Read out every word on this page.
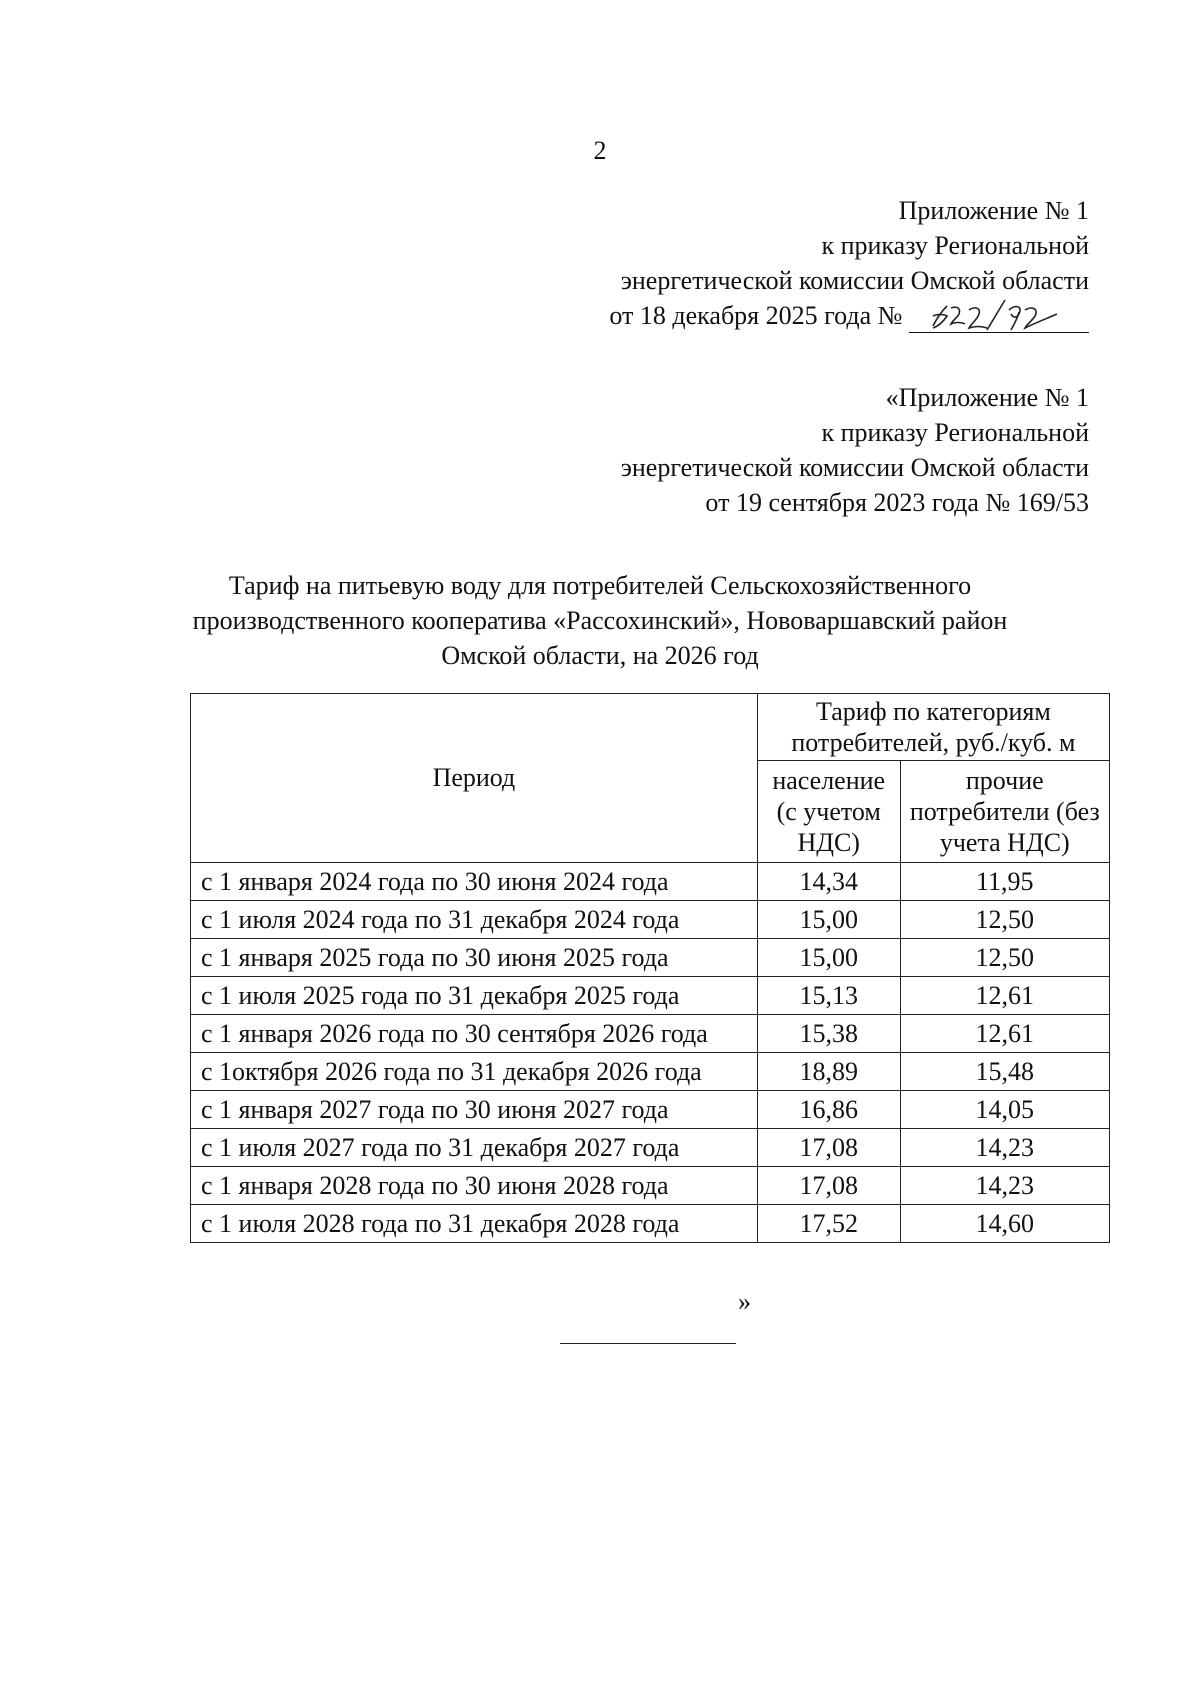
2
Приложение № 1
к приказу Региональной
энергетической комиссии Омской области
от 18 декабря 2025 года №
«Приложение № 1
к приказу Региональной
энергетической комиссии Омской области
от 19 сентября 2023 года № 169/53
Тариф на питьевую воду для потребителей Сельскохозяйственного
производственного кооператива «Рассохинский», Нововаршавский район
Омской области, на 2026 год
Период	Тариф по категориям потребителей, руб./куб. м	
	население (с учетом НДС)	прочие потребители (без учета НДС)
с 1 января 2024 года по 30 июня 2024 года	14,34	11,95
с 1 июля 2024 года по 31 декабря 2024 года	15,00	12,50
с 1 января 2025 года по 30 июня 2025 года	15,00	12,50
с 1 июля 2025 года по 31 декабря 2025 года	15,13	12,61
с 1 января 2026 года по 30 сентября 2026 года	15,38	12,61
с 1октября 2026 года по 31 декабря 2026 года	18,89	15,48
с 1 января 2027 года по 30 июня 2027 года	16,86	14,05
с 1 июля 2027 года по 31 декабря 2027 года	17,08	14,23
с 1 января 2028 года по 30 июня 2028 года	17,08	14,23
с 1 июля 2028 года по 31 декабря 2028 года	17,52	14,60
»
